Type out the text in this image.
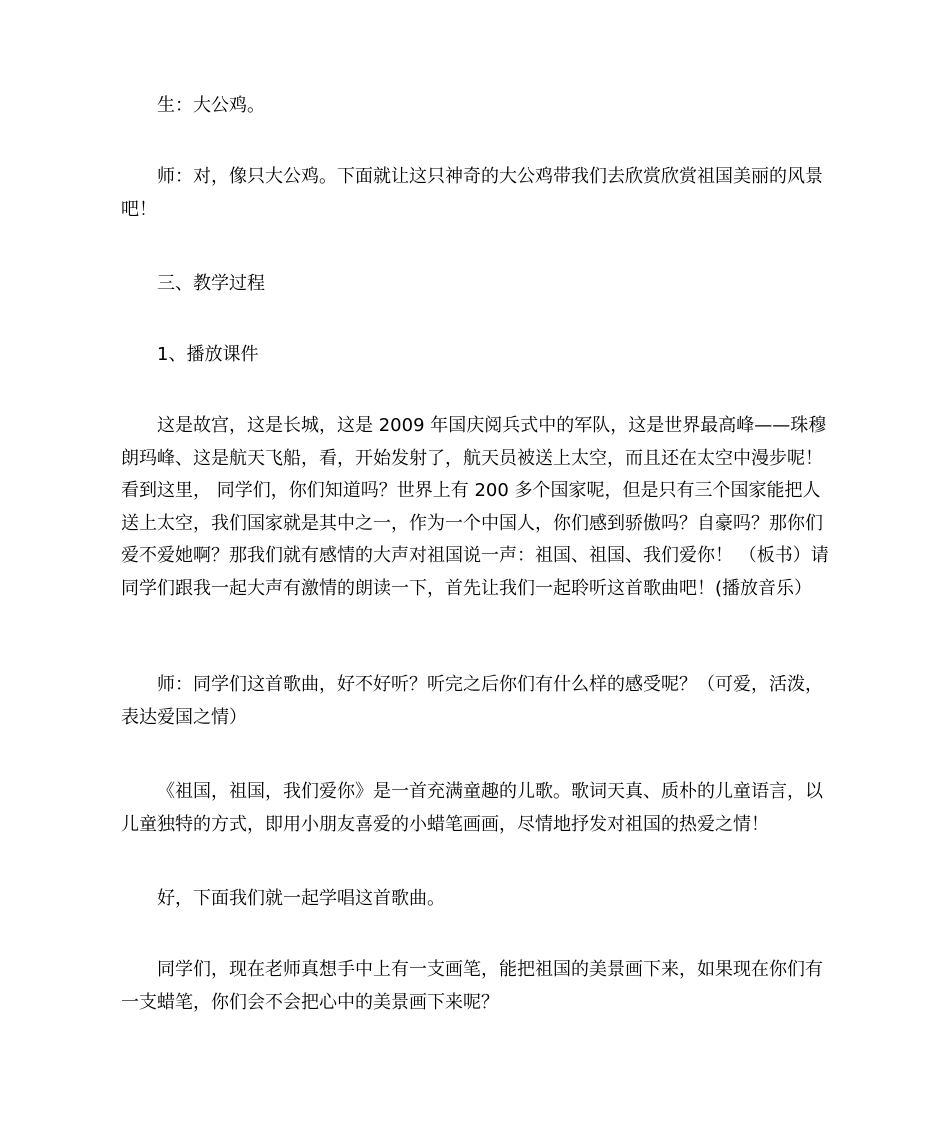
生：大公鸡。
师：对，像只大公鸡。下面就让这只神奇的大公鸡带我们去欣赏欣赏祖国美丽的风景
吧！
三、教学过程
1、播放课件
这是故宫，这是长城，这是 2009 年国庆阅兵式中的军队，这是世界最高峰——珠穆
朗玛峰、这是航天飞船，看，开始发射了，航天员被送上太空，而且还在太空中漫步呢！
看到这里， 同学们，你们知道吗？世界上有 200 多个国家呢，但是只有三个国家能把人
送上太空，我们国家就是其中之一，作为一个中国人，你们感到骄傲吗？自豪吗？那你们
爱不爱她啊？那我们就有感情的大声对祖国说一声：祖国、祖国、我们爱你！ （板书）请
同学们跟我一起大声有激情的朗读一下，首先让我们一起聆听这首歌曲吧！(播放音乐）
师：同学们这首歌曲，好不好听？听完之后你们有什么样的感受呢？（可爱，活泼，
表达爱国之情）
《祖国，祖国，我们爱你》是一首充满童趣的儿歌。歌词天真、质朴的儿童语言，以
儿童独特的方式，即用小朋友喜爱的小蜡笔画画，尽情地抒发对祖国的热爱之情！
好，下面我们就一起学唱这首歌曲。
同学们，现在老师真想手中上有一支画笔，能把祖国的美景画下来，如果现在你们有
一支蜡笔，你们会不会把心中的美景画下来呢？
